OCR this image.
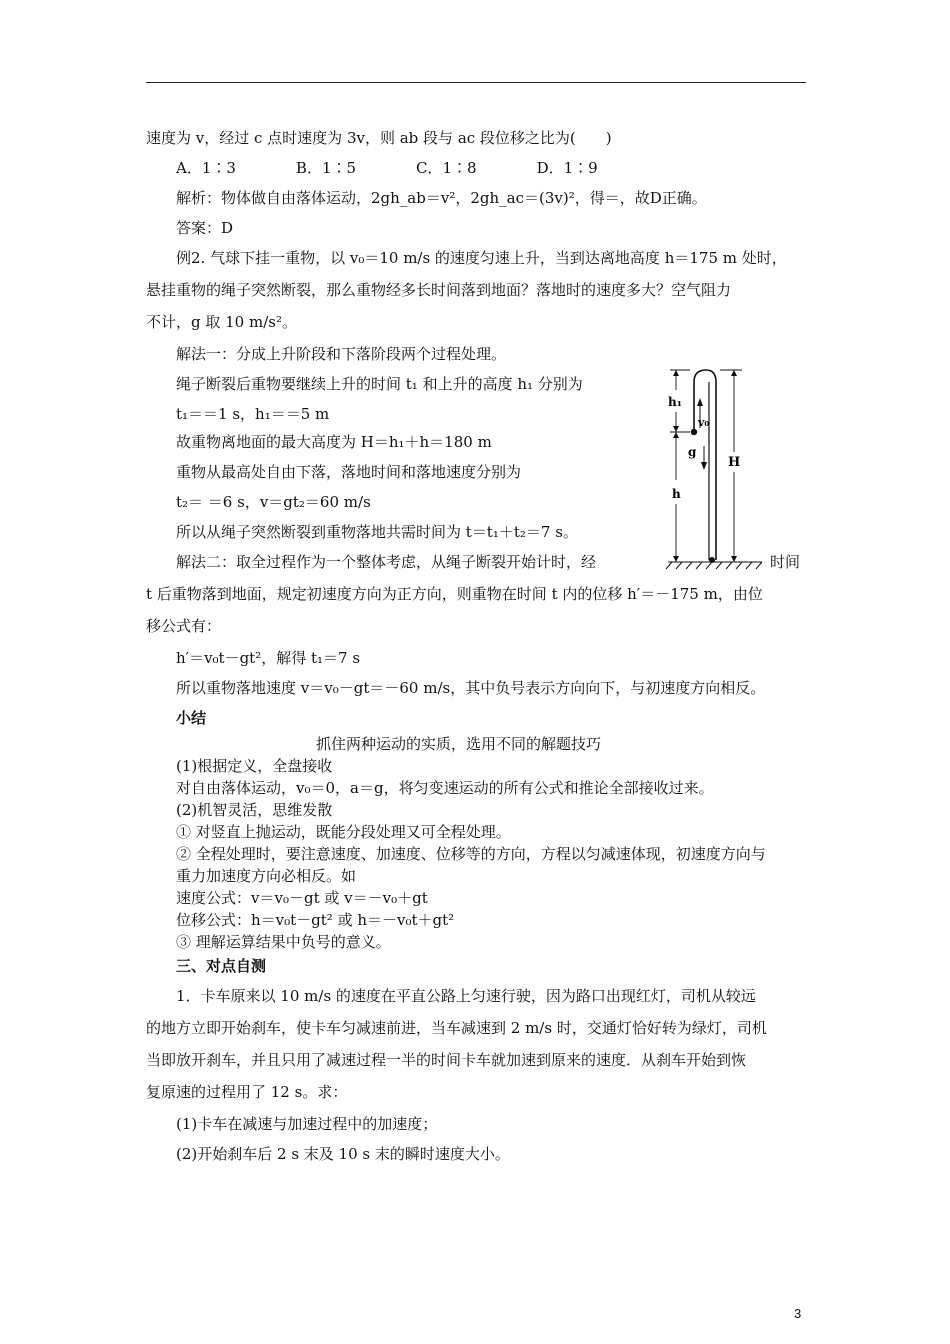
速度为 v，经过 c 点时速度为 3v，则 ab 段与 ac 段位移之比为(　　)
A．1∶3　　　　B．1∶5　　　　C．1∶8　　　　D．1∶9
解析：物体做自由落体运动，2gh_ab＝v²，2gh_ac＝(3v)²，得＝，故D正确。
答案：D
例2. 气球下挂一重物，以 v₀＝10 m/s 的速度匀速上升，当到达离地高度 h＝175 m 处时，
悬挂重物的绳子突然断裂，那么重物经多长时间落到地面？落地时的速度多大？空气阻力
不计，g 取 10 m/s²。
解法一：分成上升阶段和下落阶段两个过程处理。
绳子断裂后重物要继续上升的时间 t₁ 和上升的高度 h₁ 分别为
t₁＝＝1 s，h₁＝＝5 m
故重物离地面的最大高度为 H＝h₁＋h＝180 m
重物从最高处自由下落，落地时间和落地速度分别为
t₂＝ ＝6 s，v＝gt₂＝60 m/s
所以从绳子突然断裂到重物落地共需时间为 t＝t₁＋t₂＝7 s。
解法二：取全过程作为一个整体考虑，从绳子断裂开始计时，经	时间
t 后重物落到地面，规定初速度方向为正方向，则重物在时间 t 内的位移 h′＝－175 m，由位
移公式有：
h′＝v₀t－gt²，解得 t₁＝7 s
所以重物落地速度 v＝v₀－gt＝－60 m/s，其中负号表示方向向下，与初速度方向相反。
小结
抓住两种运动的实质，选用不同的解题技巧
(1)根据定义，全盘接收
对自由落体运动，v₀＝0，a＝g，将匀变速运动的所有公式和推论全部接收过来。
(2)机智灵活，思维发散
① 对竖直上抛运动，既能分段处理又可全程处理。
② 全程处理时，要注意速度、加速度、位移等的方向，方程以匀减速体现，初速度方向与
重力加速度方向必相反。如
速度公式：v＝v₀－gt 或 v＝－v₀＋gt
位移公式：h＝v₀t－gt² 或 h＝－v₀t＋gt²
③ 理解运算结果中负号的意义。
三、对点自测
1．卡车原来以 10 m/s 的速度在平直公路上匀速行驶，因为路口出现红灯，司机从较远
的地方立即开始刹车，使卡车匀减速前进，当车减速到 2 m/s 时，交通灯恰好转为绿灯，司机
当即放开刹车，并且只用了减速过程一半的时间卡车就加速到原来的速度．从刹车开始到恢
复原速的过程用了 12 s。求：
(1)卡车在减速与加速过程中的加速度；
(2)开始刹车后 2 s 末及 10 s 末的瞬时速度大小。
h₁
v₀
g
H
h
3
